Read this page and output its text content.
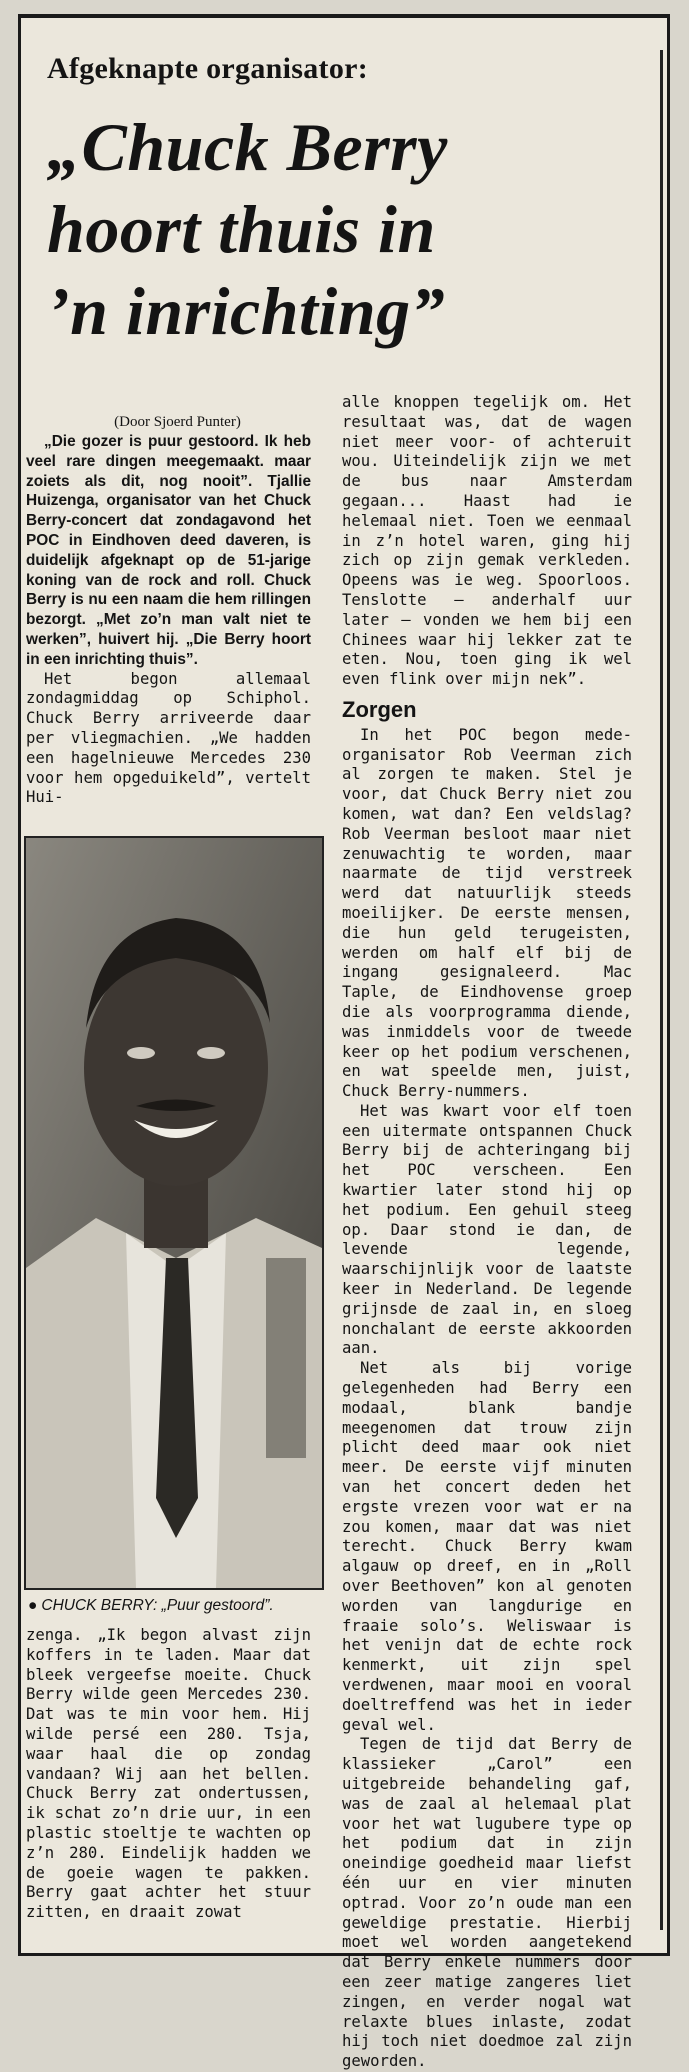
Afgeknapte organisator:
„Chuck Berry
hoort thuis in
’n inrichting”

(Door Sjoerd Punter)

„Die gozer is puur gestoord. Ik heb veel rare dingen meegemaakt. maar zoiets als dit, nog nooit”. Tjallie Huizenga, organisator van het Chuck Berry-concert dat zondagavond het POC in Eindhoven deed daveren, is duidelijk afgeknapt op de 51-jarige koning van de rock and roll. Chuck Berry is nu een naam die hem rillingen bezorgt. „Met zo’n man valt niet te werken”, huivert hij. „Die Berry hoort in een inrichting thuis”.

Het begon allemaal zondagmiddag op Schiphol. Chuck Berry arriveerde daar per vliegmachien. „We hadden een hagelnieuwe Mercedes 230 voor hem opgeduikeld”, vertelt Hui-

● CHUCK BERRY: „Puur gestoord”.

zenga. „Ik begon alvast zijn koffers in te laden. Maar dat bleek vergeefse moeite. Chuck Berry wilde geen Mercedes 230. Dat was te min voor hem. Hij wilde persé een 280. Tsja, waar haal die op zondag vandaan? Wij aan het bellen. Chuck Berry zat ondertussen, ik schat zo’n drie uur, in een plastic stoeltje te wachten op z’n 280. Eindelijk hadden we de goeie wagen te pakken. Berry gaat achter het stuur zitten, en draait zowat

alle knoppen tegelijk om. Het resultaat was, dat de wagen niet meer voor- of achteruit wou. Uiteindelijk zijn we met de bus naar Amsterdam gegaan... Haast had ie helemaal niet. Toen we eenmaal in z’n hotel waren, ging hij zich op zijn gemak verkleden. Opeens was ie weg. Spoorloos. Tenslotte – anderhalf uur later – vonden we hem bij een Chinees waar hij lekker zat te eten. Nou, toen ging ik wel even flink over mijn nek”.

Zorgen

In het POC begon mede-organisator Rob Veerman zich al zorgen te maken. Stel je voor, dat Chuck Berry niet zou komen, wat dan? Een veldslag? Rob Veerman besloot maar niet zenuwachtig te worden, maar naarmate de tijd verstreek werd dat natuurlijk steeds moeilijker. De eerste mensen, die hun geld terugeisten, werden om half elf bij de ingang gesignaleerd. Mac Taple, de Eindhovense groep die als voorprogramma diende, was inmiddels voor de tweede keer op het podium verschenen, en wat speelde men, juist, Chuck Berry-nummers.

Het was kwart voor elf toen een uitermate ontspannen Chuck Berry bij de achteringang bij het POC verscheen. Een kwartier later stond hij op het podium. Een gehuil steeg op. Daar stond ie dan, de levende legende, waarschijnlijk voor de laatste keer in Nederland. De legende grijnsde de zaal in, en sloeg nonchalant de eerste akkoorden aan.

Net als bij vorige gelegenheden had Berry een modaal, blank bandje meegenomen dat trouw zijn plicht deed maar ook niet meer. De eerste vijf minuten van het concert deden het ergste vrezen voor wat er na zou komen, maar dat was niet terecht. Chuck Berry kwam algauw op dreef, en in „Roll over Beethoven” kon al genoten worden van langdurige en fraaie solo’s. Weliswaar is het venijn dat de echte rock kenmerkt, uit zijn spel verdwenen, maar mooi en vooral doeltreffend was het in ieder geval wel.

Tegen de tijd dat Berry de klassieker „Carol” een uitgebreide behandeling gaf, was de zaal al helemaal plat voor het wat lugubere type op het podium dat in zijn oneindige goedheid maar liefst één uur en vier minuten optrad. Voor zo’n oude man een geweldige prestatie. Hierbij moet wel worden aangetekend dat Berry enkele nummers door een zeer matige zangeres liet zingen, en verder nogal wat relaxte blues inlaste, zodat hij toch niet doedmoe zal zijn geworden.
